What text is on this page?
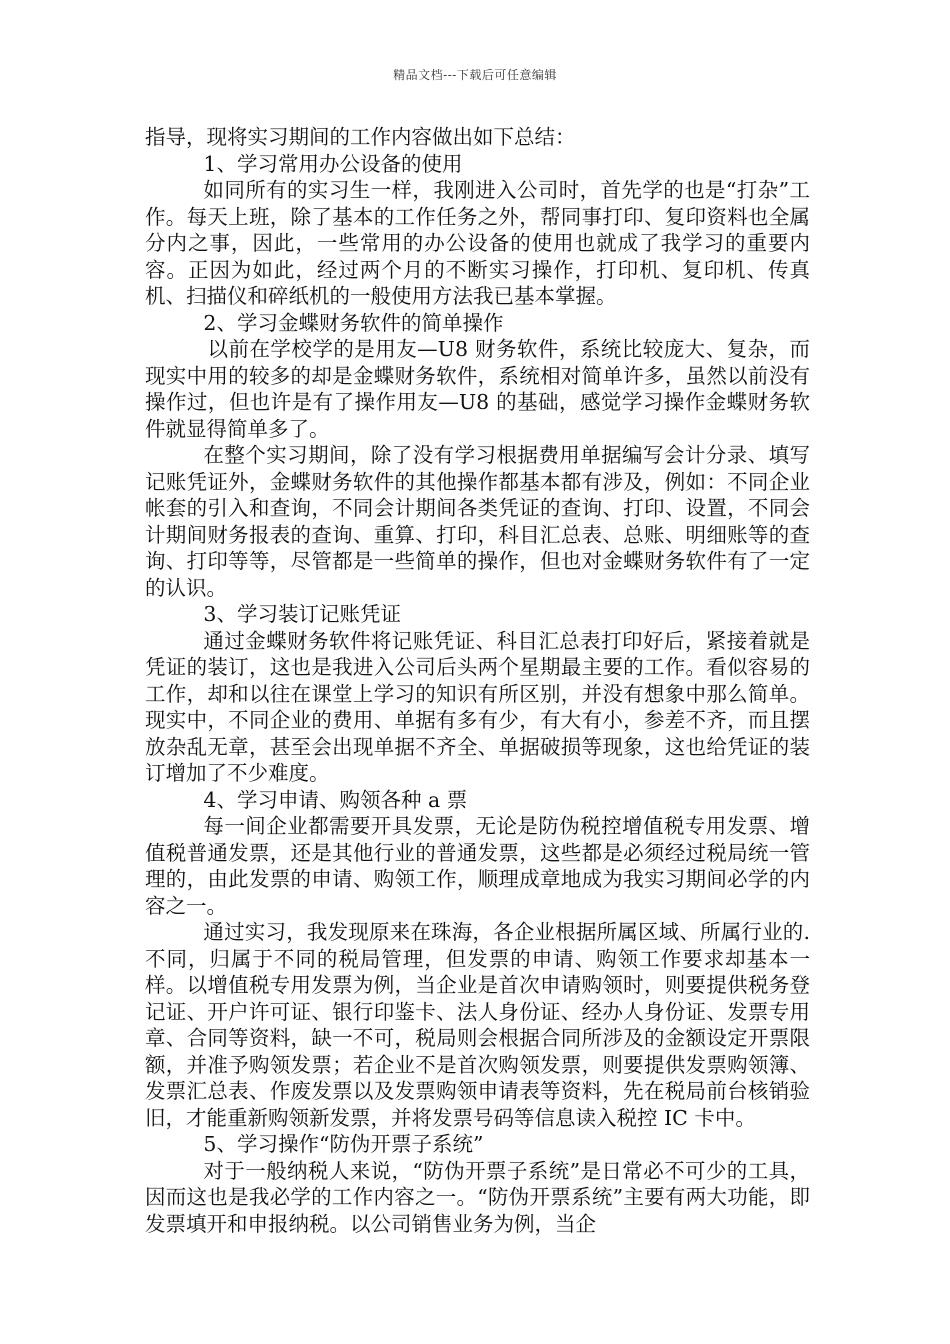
精品文档---下载后可任意编辑

指导，现将实习期间的工作内容做出如下总结：

1、学习常用办公设备的使用

如同所有的实习生一样，我刚进入公司时，首先学的也是“打杂”工作。每天上班，除了基本的工作任务之外，帮同事打印、复印资料也全属分内之事，因此，一些常用的办公设备的使用也就成了我学习的重要内容。正因为如此，经过两个月的不断实习操作，打印机、复印机、传真机、扫描仪和碎纸机的一般使用方法我已基本掌握。

2、学习金蝶财务软件的简单操作

以前在学校学的是用友—U8 财务软件，系统比较庞大、复杂，而现实中用的较多的却是金蝶财务软件，系统相对简单许多，虽然以前没有操作过，但也许是有了操作用友—U8 的基础，感觉学习操作金蝶财务软件就显得简单多了。

在整个实习期间，除了没有学习根据费用单据编写会计分录、填写记账凭证外，金蝶财务软件的其他操作都基本都有涉及，例如：不同企业帐套的引入和查询，不同会计期间各类凭证的查询、打印、设置，不同会计期间财务报表的查询、重算、打印，科目汇总表、总账、明细账等的查询、打印等等，尽管都是一些简单的操作，但也对金蝶财务软件有了一定的认识。

3、学习装订记账凭证

通过金蝶财务软件将记账凭证、科目汇总表打印好后，紧接着就是凭证的装订，这也是我进入公司后头两个星期最主要的工作。看似容易的工作，却和以往在课堂上学习的知识有所区别，并没有想象中那么简单。现实中，不同企业的费用、单据有多有少，有大有小，参差不齐，而且摆放杂乱无章，甚至会出现单据不齐全、单据破损等现象，这也给凭证的装订增加了不少难度。

4、学习申请、购领各种 a 票

每一间企业都需要开具发票，无论是防伪税控增值税专用发票、增值税普通发票，还是其他行业的普通发票，这些都是必须经过税局统一管理的，由此发票的申请、购领工作，顺理成章地成为我实习期间必学的内容之一。

通过实习，我发现原来在珠海，各企业根据所属区域、所属行业的.不同，归属于不同的税局管理，但发票的申请、购领工作要求却基本一样。以增值税专用发票为例，当企业是首次申请购领时，则要提供税务登记证、开户许可证、银行印鉴卡、法人身份证、经办人身份证、发票专用章、合同等资料，缺一不可，税局则会根据合同所涉及的金额设定开票限额，并准予购领发票；若企业不是首次购领发票，则要提供发票购领簿、发票汇总表、作废发票以及发票购领申请表等资料，先在税局前台核销验旧，才能重新购领新发票，并将发票号码等信息读入税控 IC 卡中。

5、学习操作“防伪开票子系统”

对于一般纳税人来说，“防伪开票子系统”是日常必不可少的工具，因而这也是我必学的工作内容之一。“防伪开票系统”主要有两大功能，即发票填开和申报纳税。以公司销售业务为例，当企
